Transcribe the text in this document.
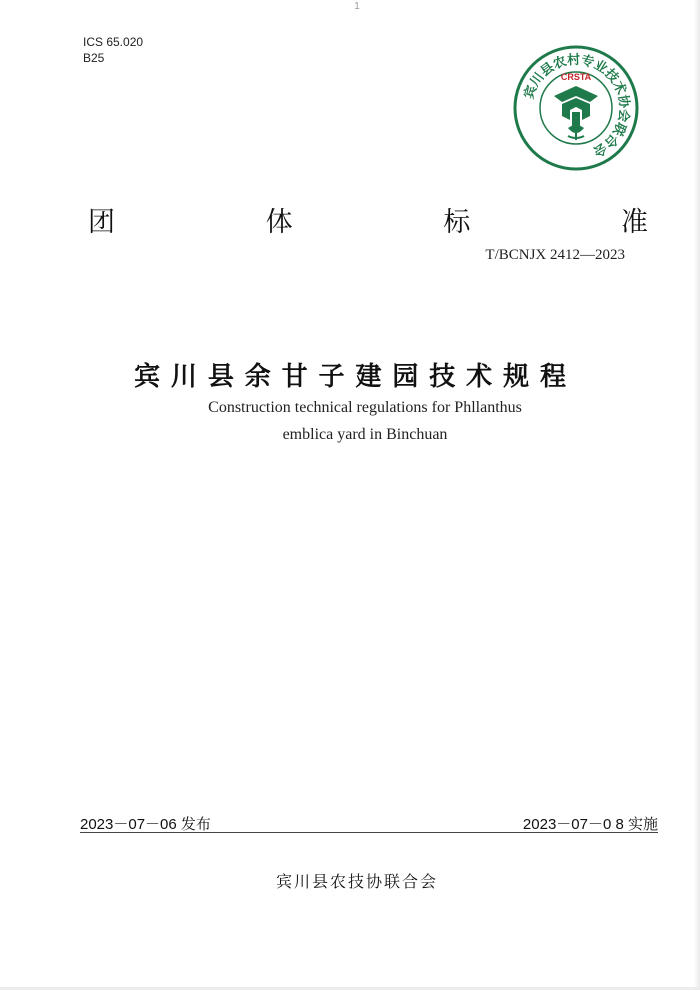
1
ICS 65.020
B25
宾川县农村专业技术协会联合会
CRSTA
团	体	标	准
T/BCNJX 2412—2023
宾 川 县 余 甘 子 建 园 技 术 规 程
Construction technical regulations for Phllanthus
emblica yard in Binchuan
2023－07－06 发布	2023－07－0 8 实施
宾川县农技协联合会
